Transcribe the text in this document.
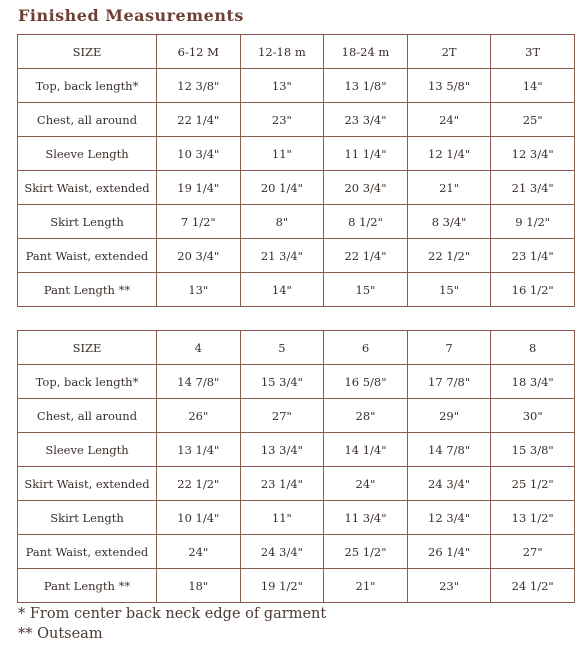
Finished Measurements
SIZE	6-12 M	12-18 m	18-24 m	2T	3T
Top, back length*	12 3/8"	13"	13 1/8"	13 5/8"	14"
Chest, all around	22 1/4"	23"	23 3/4"	24"	25"
Sleeve Length	10 3/4"	11"	11 1/4"	12 1/4"	12 3/4"
Skirt Waist, extended	19 1/4"	20 1/4"	20 3/4"	21"	21 3/4"
Skirt Length	7 1/2"	8"	8 1/2"	8 3/4"	9 1/2"
Pant Waist, extended	20 3/4"	21 3/4"	22 1/4"	22 1/2"	23 1/4"
Pant Length **	13"	14"	15"	15"	16 1/2"
SIZE	4	5	6	7	8
Top, back length*	14 7/8"	15 3/4"	16 5/8"	17 7/8"	18 3/4"
Chest, all around	26"	27"	28"	29"	30"
Sleeve Length	13 1/4"	13 3/4"	14 1/4"	14 7/8"	15 3/8"
Skirt Waist, extended	22 1/2"	23 1/4"	24"	24 3/4"	25 1/2"
Skirt Length	10 1/4"	11"	11 3/4"	12 3/4"	13 1/2"
Pant Waist, extended	24"	24 3/4"	25 1/2"	26 1/4"	27"
Pant Length **	18"	19 1/2"	21"	23"	24 1/2"
* From center back neck edge of garment
** Outseam
